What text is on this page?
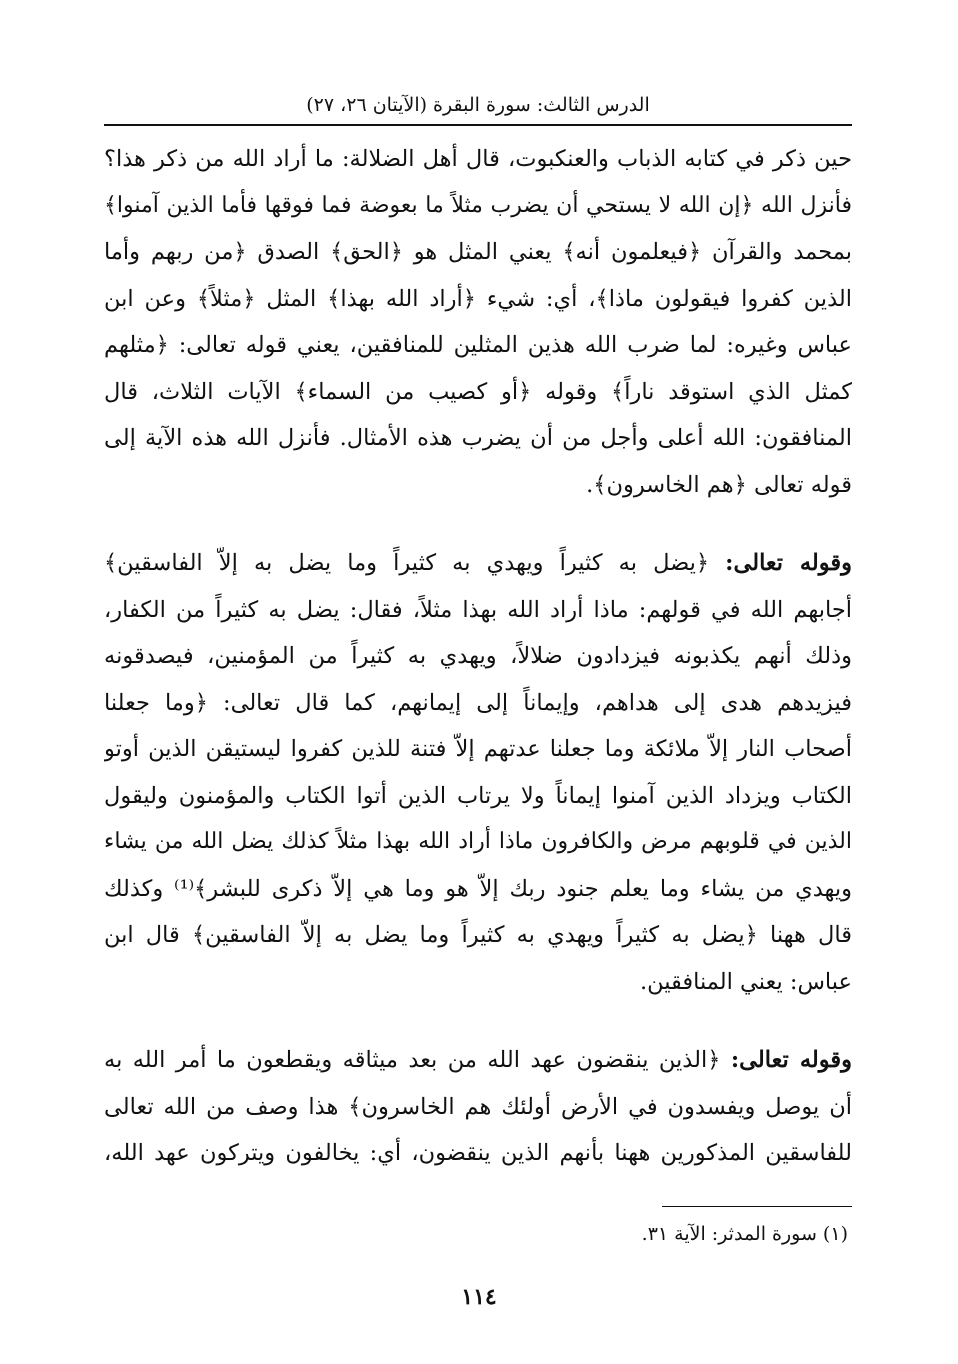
الدرس الثالث: سورة البقرة (الآيتان ٢٦، ٢٧)
حين ذكر في كتابه الذباب والعنكبوت، قال أهل الضلالة: ما أراد الله من ذكر هذا؟
فأنزل الله ﴿إن الله لا يستحي أن يضرب مثلاً ما بعوضة فما فوقها فأما الذين آمنوا﴾
بمحمد والقرآن ﴿فيعلمون أنه﴾ يعني المثل هو ﴿الحق﴾ الصدق ﴿من ربهم وأما
الذين كفروا فيقولون ماذا﴾، أي: شيء ﴿أراد الله بهذا﴾ المثل ﴿مثلاً﴾ وعن ابن
عباس وغيره: لما ضرب الله هذين المثلين للمنافقين، يعني قوله تعالى: ﴿مثلهم
كمثل الذي استوقد ناراً﴾ وقوله ﴿أو كصيب من السماء﴾ الآيات الثلاث، قال
المنافقون: الله أعلى وأجل من أن يضرب هذه الأمثال. فأنزل الله هذه الآية إلى
قوله تعالى ﴿هم الخاسرون﴾.
وقوله تعالى: ﴿يضل به كثيراً ويهدي به كثيراً وما يضل به إلاّ الفاسقين﴾
أجابهم الله في قولهم: ماذا أراد الله بهذا مثلاً، فقال: يضل به كثيراً من الكفار،
وذلك أنهم يكذبونه فيزدادون ضلالاً، ويهدي به كثيراً من المؤمنين، فيصدقونه
فيزيدهم هدى إلى هداهم، وإيماناً إلى إيمانهم، كما قال تعالى: ﴿وما جعلنا
أصحاب النار إلاّ ملائكة وما جعلنا عدتهم إلاّ فتنة للذين كفروا ليستيقن الذين أوتو
الكتاب ويزداد الذين آمنوا إيماناً ولا يرتاب الذين أتوا الكتاب والمؤمنون وليقول
الذين في قلوبهم مرض والكافرون ماذا أراد الله بهذا مثلاً كذلك يضل الله من يشاء
ويهدي من يشاء وما يعلم جنود ربك إلاّ هو وما هي إلاّ ذكرى للبشر﴾⁽¹⁾ وكذلك
قال ههنا ﴿يضل به كثيراً ويهدي به كثيراً وما يضل به إلاّ الفاسقين﴾ قال ابن
عباس: يعني المنافقين.
وقوله تعالى: ﴿الذين ينقضون عهد الله من بعد ميثاقه ويقطعون ما أمر الله به
أن يوصل ويفسدون في الأرض أولئك هم الخاسرون﴾ هذا وصف من الله تعالى
للفاسقين المذكورين ههنا بأنهم الذين ينقضون، أي: يخالفون ويتركون عهد الله،
(١) سورة المدثر: الآية ٣١.
١١٤
